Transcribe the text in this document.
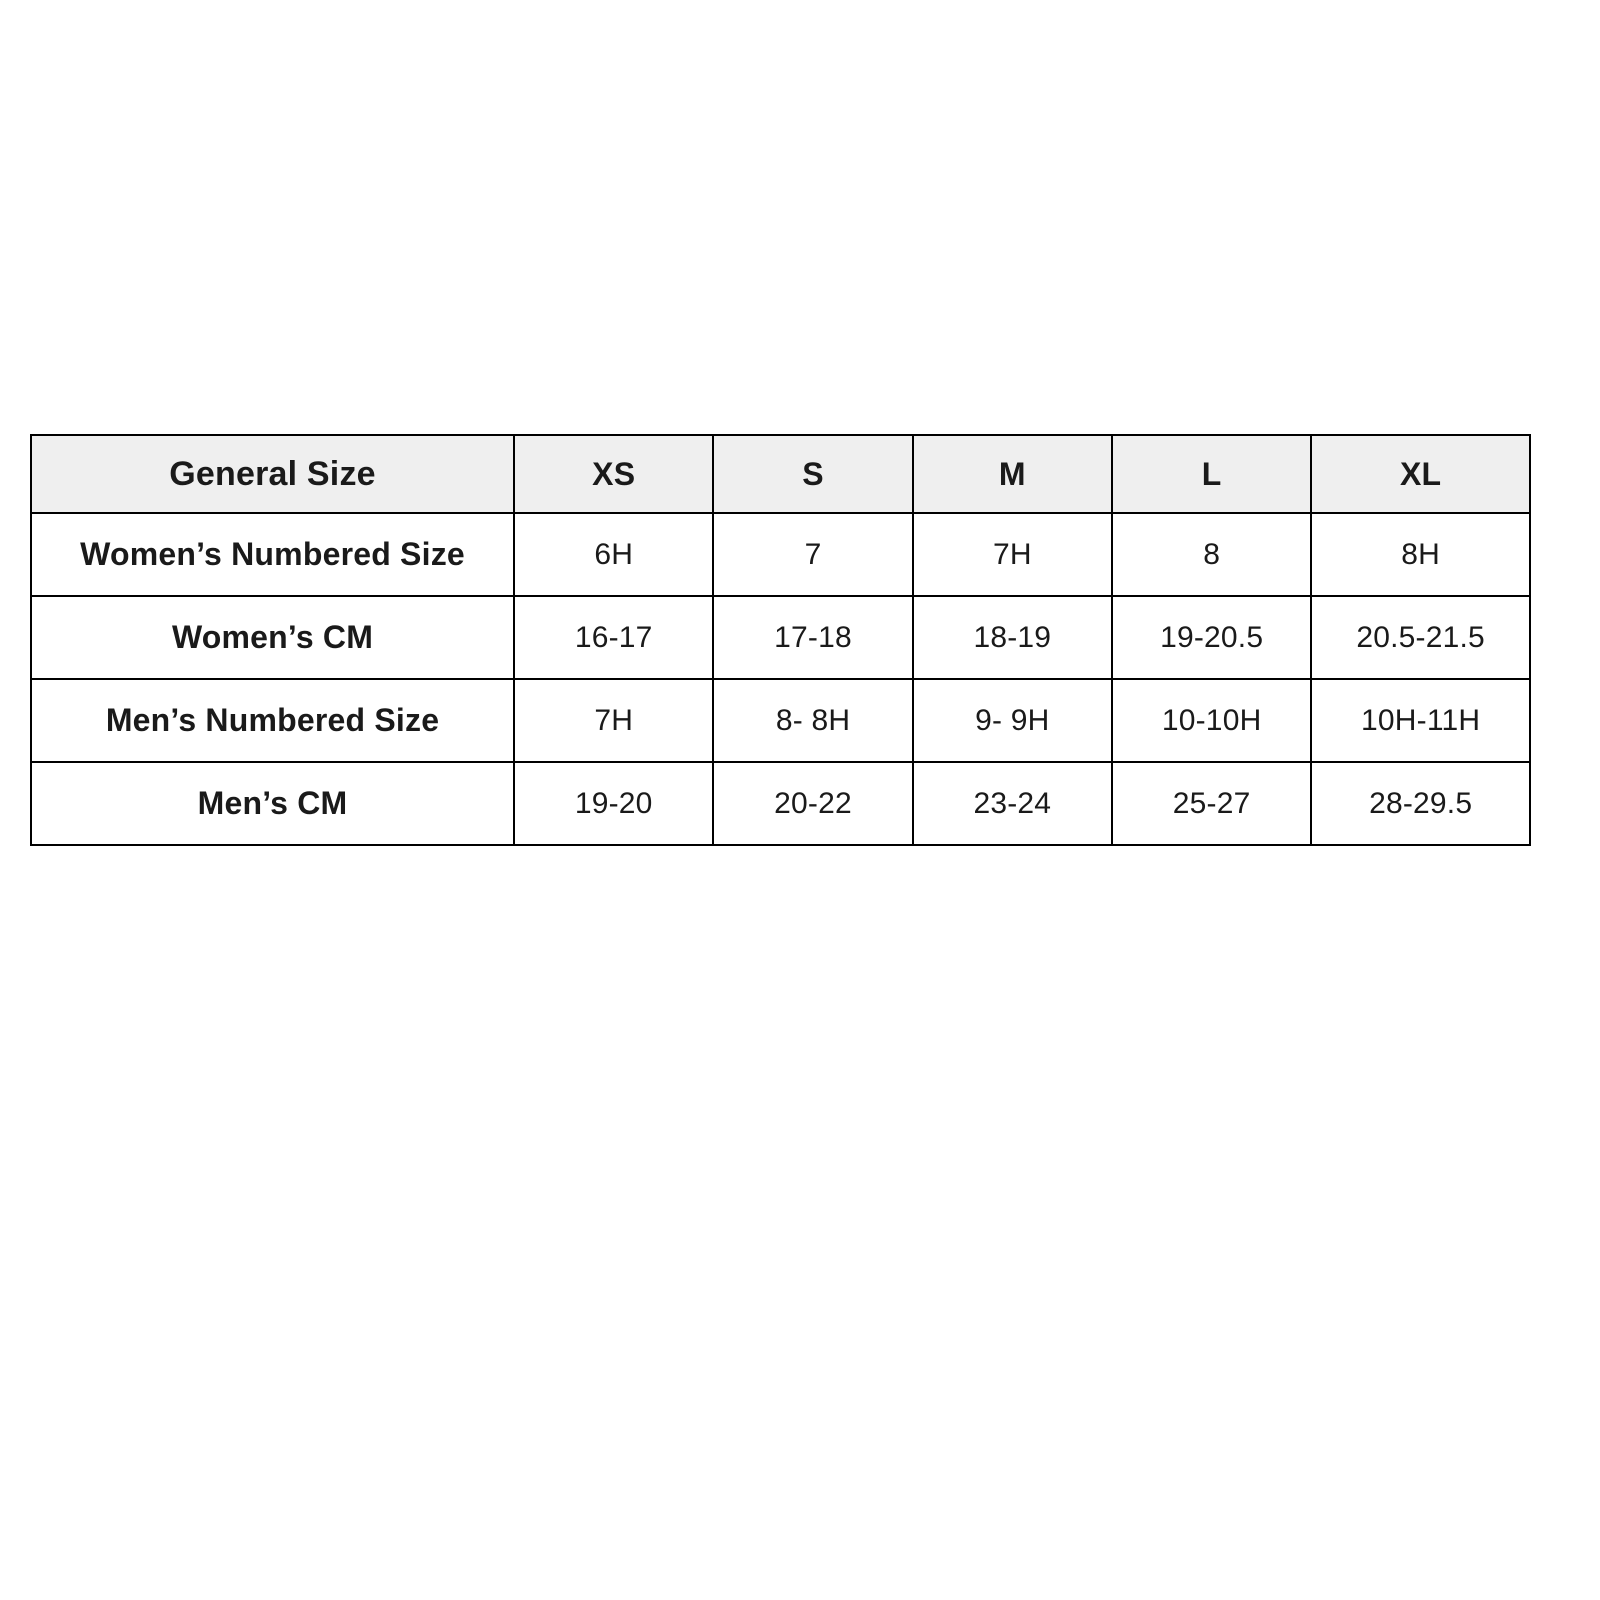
General Size	XS	S	M	L	XL
Women’s Numbered Size	6H	7	7H	8	8H
Women’s CM	16-17	17-18	18-19	19-20.5	20.5-21.5
Men’s Numbered Size	7H	8- 8H	9- 9H	10-10H	10H-11H
Men’s CM	19-20	20-22	23-24	25-27	28-29.5
